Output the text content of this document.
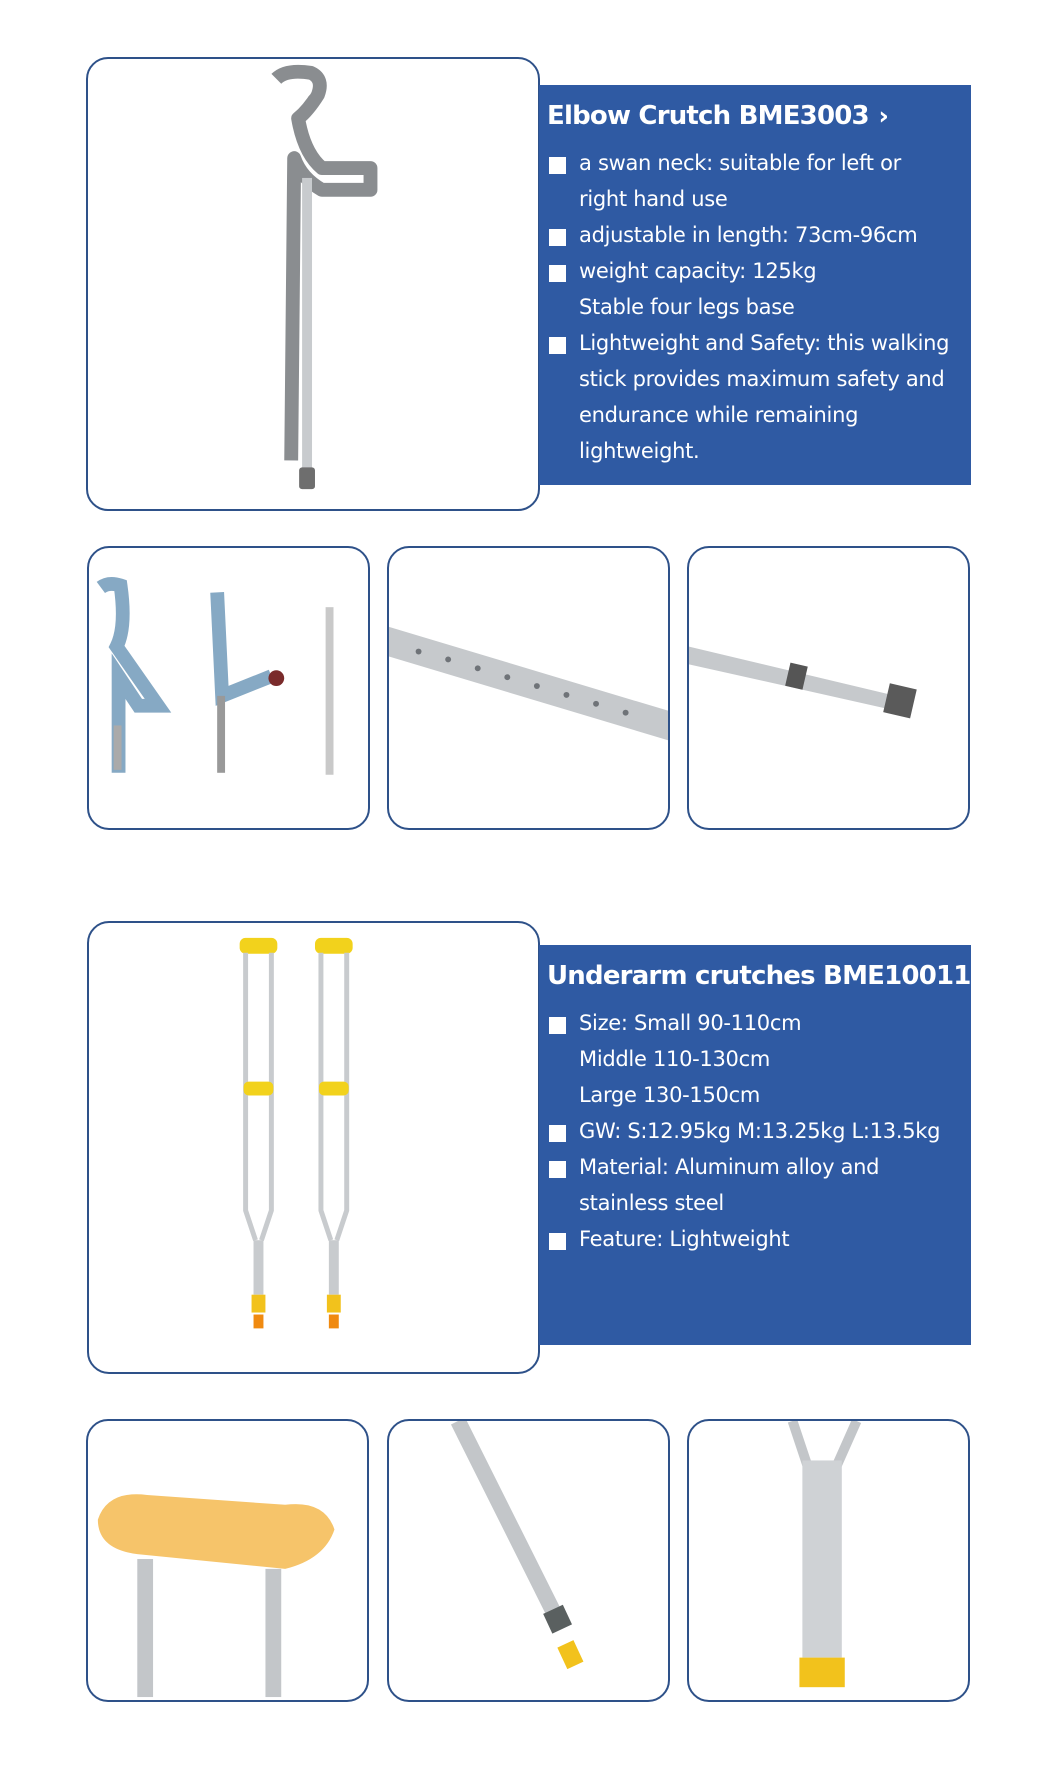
Elbow Crutch BME3003
a swan neck: suitable for left or
right hand use
adjustable in length: 73cm-96cm
weight capacity: 125kg
Stable four legs base
Lightweight and Safety: this walking
stick provides maximum safety and
endurance while remaining
lightweight.
Underarm crutches BME10011
Size: Small 90-110cm
Middle 110-130cm
Large 130-150cm
GW: S:12.95kg M:13.25kg L:13.5kg
Material: Aluminum alloy and
stainless steel
Feature: Lightweight
